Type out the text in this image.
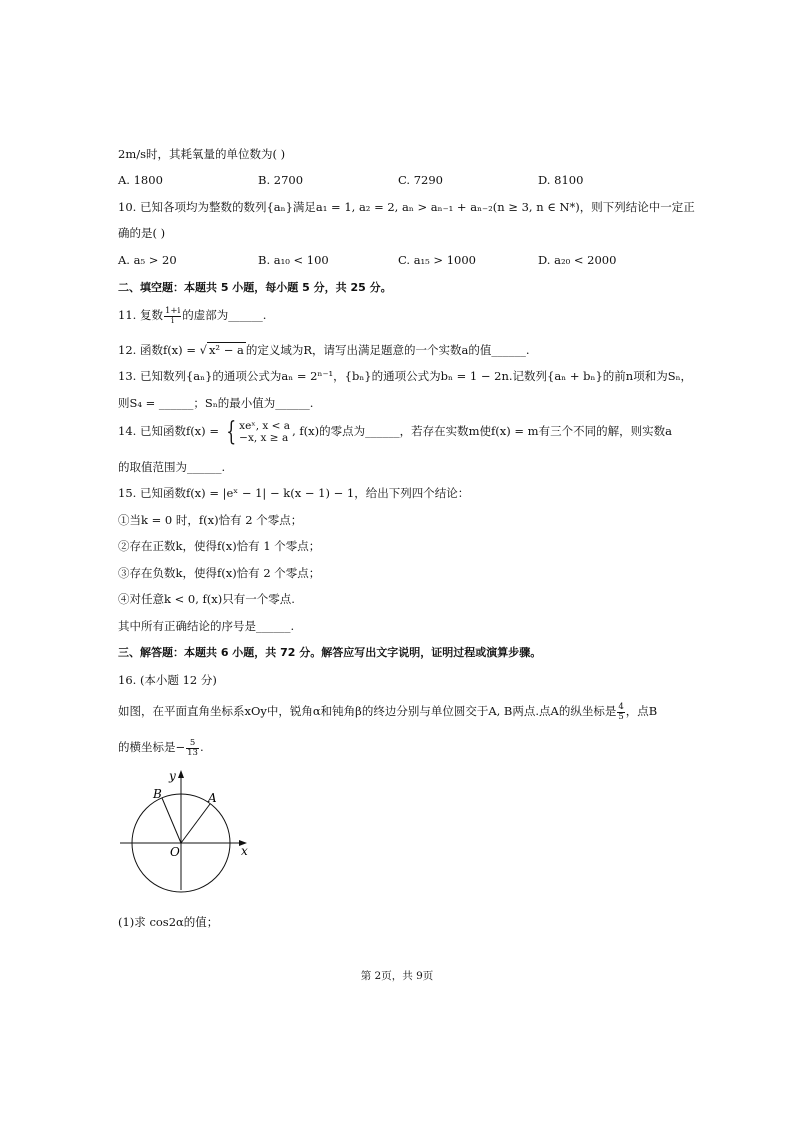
2m/s时，其耗氧量的单位数为( )
A. 1800	B. 2700	C. 7290	D. 8100
10. 已知各项均为整数的数列{aₙ}满足a₁ = 1, a₂ = 2, aₙ > aₙ₋₁ + aₙ₋₂(n ≥ 3, n ∈ N*)，则下列结论中一定正
确的是( )
A. a₅ > 20	B. a₁₀ < 100	C. a₁₅ > 1000	D. a₂₀ < 2000
二、填空题：本题共 5 小题，每小题 5 分，共 25 分。
11. 复数 $\frac{1+i}{i}$ 的虚部为______.
12. 函数f(x) = √ x² − a 的定义域为R，请写出满足题意的一个实数a的值______.
13. 已知数列{aₙ}的通项公式为aₙ = 2ⁿ⁻¹，{bₙ}的通项公式为bₙ = 1 − 2n.记数列{aₙ + bₙ}的前n项和为Sₙ，
则S₄ = ______；Sₙ的最小值为______.
14. 已知函数f(x) = { xeˣ, x < a
−x, x ≥ a , f(x)的零点为______，若存在实数m使f(x) = m有三个不同的解，则实数a
的取值范围为______.
15. 已知函数f(x) = |eˣ − 1| − k(x − 1) − 1，给出下列四个结论：
①当k = 0 时，f(x)恰有 2 个零点；
②存在正数k，使得f(x)恰有 1 个零点；
③存在负数k，使得f(x)恰有 2 个零点；
④对任意k < 0, f(x)只有一个零点.
其中所有正确结论的序号是______.
三、解答题：本题共 6 小题，共 72 分。解答应写出文字说明，证明过程或演算步骤。
16. (本小题 12 分)
如图，在平面直角坐标系xOy中，锐角α和钝角β的终边分别与单位圆交于A, B两点.点A的纵坐标是 $\frac{4}{5}$ ，点B
的横坐标是− $\frac{5}{13}$ .
y
x
O
A
B
(1)求 cos2α的值；
第 2页，共 9页
